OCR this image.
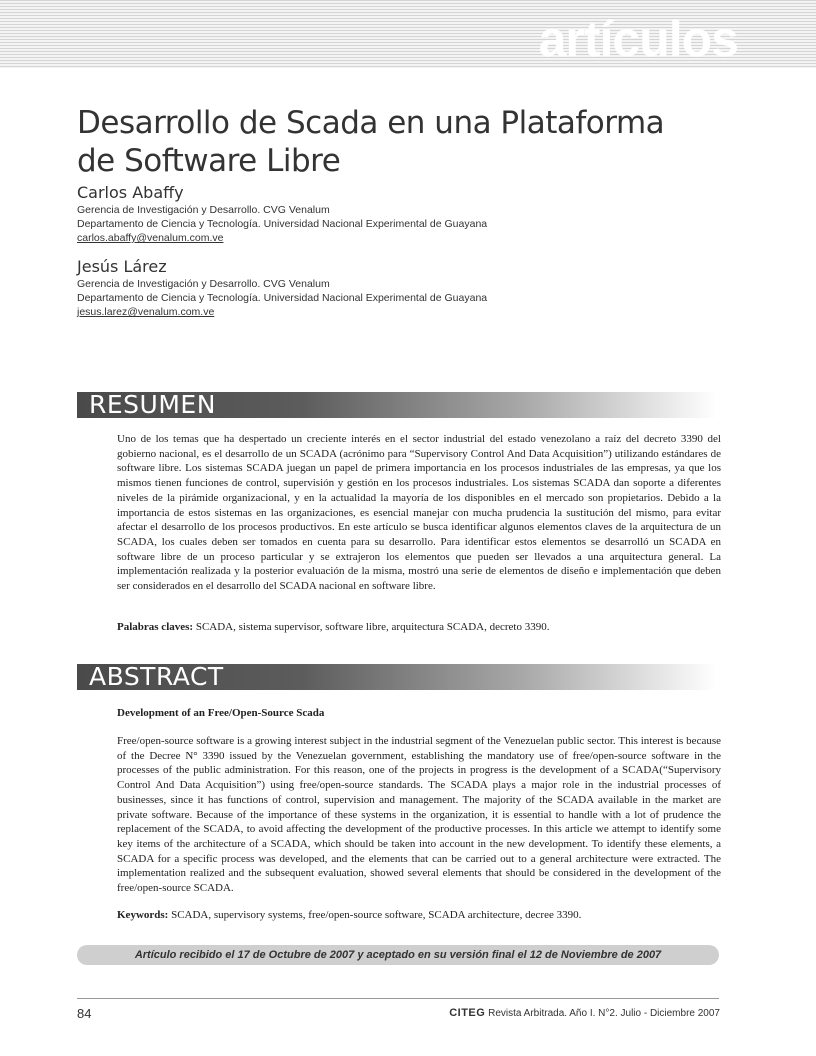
artículos
Desarrollo de Scada en una Plataforma
de Software Libre
Carlos Abaffy
Gerencia de Investigación y Desarrollo. CVG Venalum
Departamento de Ciencia y Tecnología. Universidad Nacional Experimental de Guayana
carlos.abaffy@venalum.com.ve
Jesús Lárez
Gerencia de Investigación y Desarrollo. CVG Venalum
Departamento de Ciencia y Tecnología. Universidad Nacional Experimental de Guayana
jesus.larez@venalum.com.ve
RESUMEN

Uno de los temas que ha despertado un creciente interés en el sector industrial del estado venezolano a raíz del decreto 3390 del gobierno nacional, es el desarrollo de un SCADA (acrónimo para “Supervisory Control And Data Acquisition”) utilizando estándares de software libre. Los sistemas SCADA juegan un papel de primera importancia en los procesos industriales de las empresas, ya que los mismos tienen funciones de control, supervisión y gestión en los procesos industriales. Los sistemas SCADA dan soporte a diferentes niveles de la pirámide organizacional, y en la actualidad la mayoría de los disponibles en el mercado son propietarios. Debido a la importancia de estos sistemas en las organizaciones, es esencial manejar con mucha prudencia la sustitución del mismo, para evitar afectar el desarrollo de los procesos productivos. En este artículo se busca identificar algunos elementos claves de la arquitectura de un SCADA, los cuales deben ser tomados en cuenta para su desarrollo. Para identificar estos elementos se desarrolló un SCADA en software libre de un proceso particular y se extrajeron los elementos que pueden ser llevados a una arquitectura general. La implementación realizada y la posterior evaluación de la misma, mostró una serie de elementos de diseño e implementación que deben ser considerados en el desarrollo del SCADA nacional en software libre.

Palabras claves: SCADA, sistema supervisor, software libre, arquitectura SCADA, decreto 3390.

ABSTRACT

Development of an Free/Open-Source Scada

Free/open-source software is a growing interest subject in the industrial segment of the Venezuelan public sector. This interest is because of the Decree N° 3390 issued by the Venezuelan government, establishing the mandatory use of free/open-source software in the processes of the public administration. For this reason, one of the projects in progress is the development of a SCADA(“Supervisory Control And Data Acquisition”) using free/open-source standards. The SCADA plays a major role in the industrial processes of businesses, since it has functions of control, supervision and management. The majority of the SCADA available in the market are private software. Because of the importance of these systems in the organization, it is essential to handle with a lot of prudence the replacement of the SCADA, to avoid affecting the development of the productive processes. In this article we attempt to identify some key items of the architecture of a SCADA, which should be taken into account in the new development. To identify these elements, a SCADA for a specific process was developed, and the elements that can be carried out to a general architecture were extracted. The implementation realized and the subsequent evaluation, showed several elements that should be considered in the development of the free/open-source SCADA.

Keywords: SCADA, supervisory systems, free/open-source software, SCADA architecture, decree 3390.

Artículo recibido el 17 de Octubre de 2007 y aceptado en su versión final el 12 de Noviembre de 2007
84	CITEG Revista Arbitrada. Año I. N°2. Julio - Diciembre 2007
